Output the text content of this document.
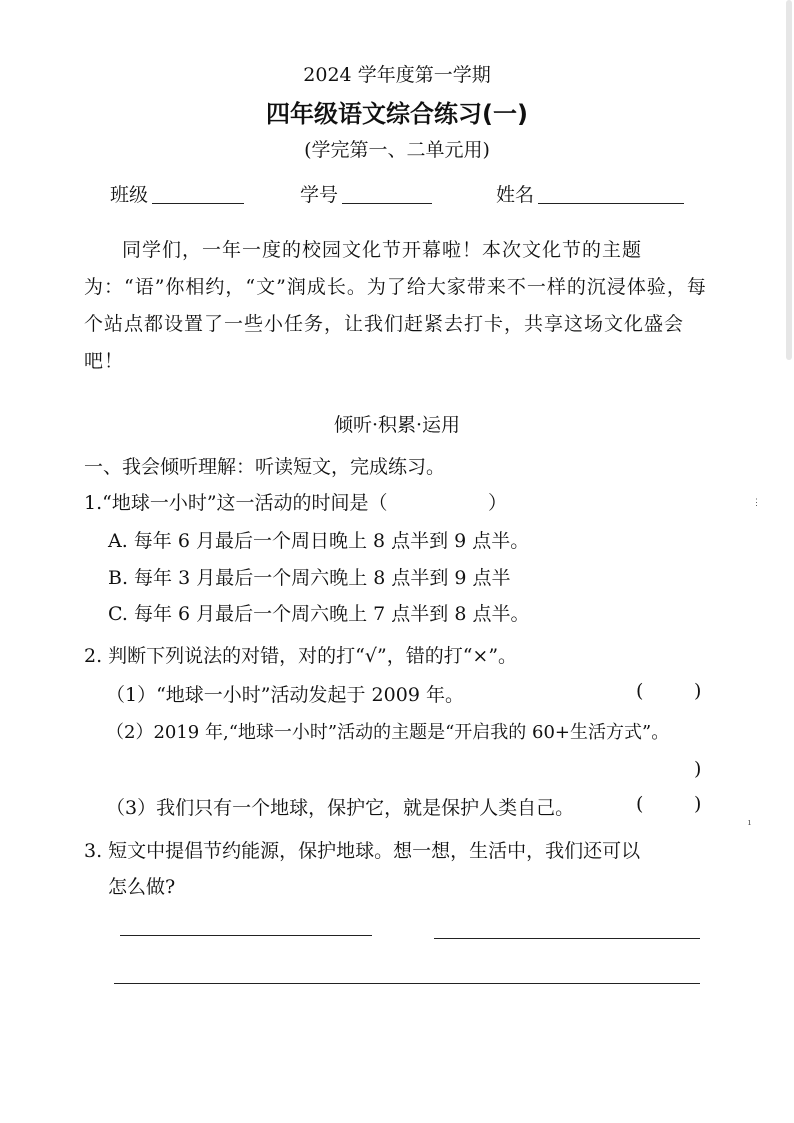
2024 学年度第一学期
四年级语文综合练习(一)
(学完第一、二单元用)
班级	学号	姓名
同学们，一年一度的校园文化节开幕啦！本次文化节的主题为：“语”你相约，“文”润成长。为了给大家带来不一样的沉浸体验，每个站点都设置了一些小任务，让我们赶紧去打卡，共享这场文化盛会吧！
倾听·积累·运用
一、我会倾听理解：听读短文，完成练习。
1.“地球一小时”这一活动的时间是（	）
A. 每年 6 月最后一个周日晚上 8 点半到 9 点半。
B. 每年 3 月最后一个周六晚上 8 点半到 9 点半
C. 每年 6 月最后一个周六晚上 7 点半到 8 点半。
2. 判断下列说法的对错，对的打“√”，错的打“×”。
（1）“地球一小时”活动发起于 2009 年。	(	)
（2）2019 年,“地球一小时”活动的主题是“开启我的 60+生活方式”。
)
（3）我们只有一个地球，保护它，就是保护人类自己。	(	)
3. 短文中提倡节约能源，保护地球。想一想，生活中，我们还可以
怎么做?
⋮
ı
